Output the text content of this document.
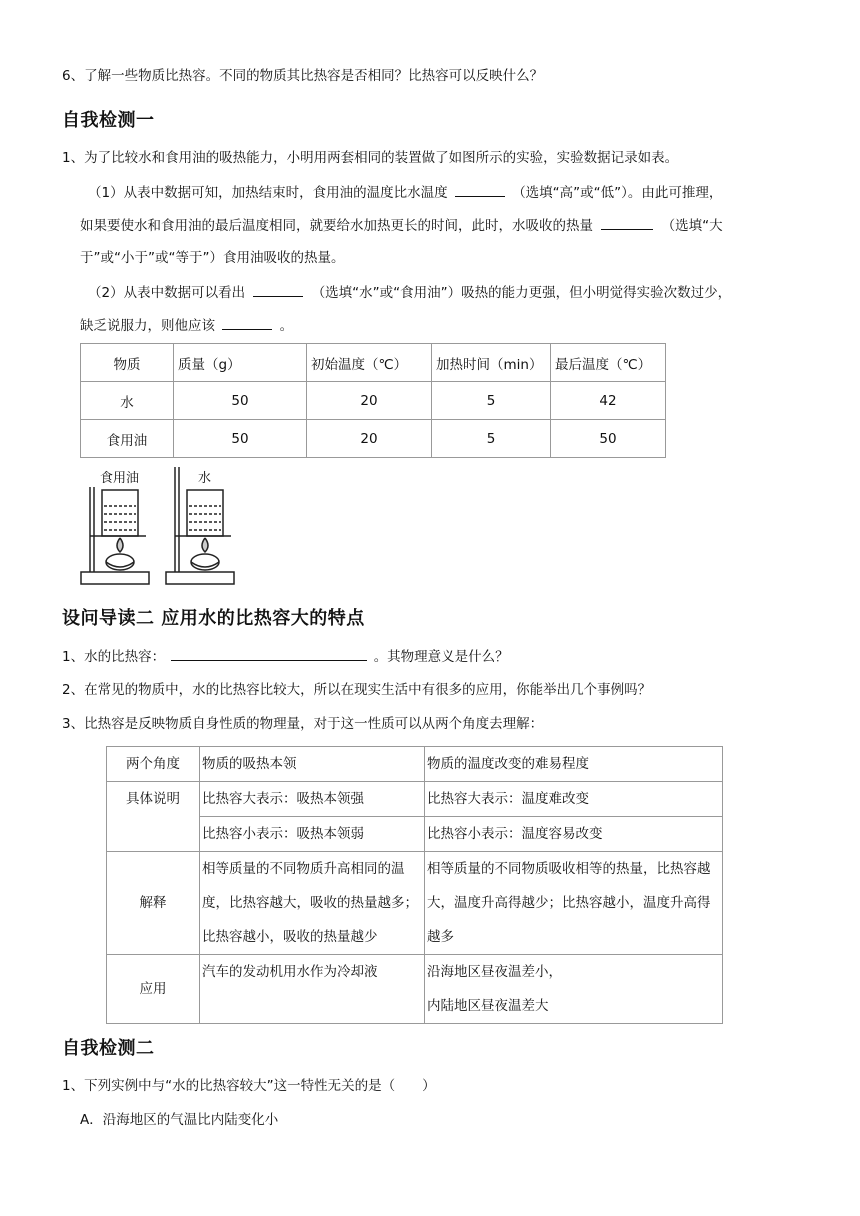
6、了解一些物质比热容。不同的物质其比热容是否相同？比热容可以反映什么？
自我检测一
1、为了比较水和食用油的吸热能力，小明用两套相同的装置做了如图所示的实验，实验数据记录如表。
（1）从表中数据可知，加热结束时，食用油的温度比水温度	（选填“高”或“低”）。由此可推理，
如果要使水和食用油的最后温度相同，就要给水加热更长的时间，此时，水吸收的热量	（选填“大
于”或“小于”或“等于”）食用油吸收的热量。
（2）从表中数据可以看出	（选填“水”或“食用油”）吸热的能力更强，但小明觉得实验次数过少，
缺乏说服力，则他应该	。
物质	质量（g）	初始温度（℃）	加热时间（min）	最后温度（℃）
水	50	20	5	42
食用油	50	20	5	50
食用油	水
设问导读二 应用水的比热容大的特点
1、水的比热容：	。其物理意义是什么？
2、在常见的物质中，水的比热容比较大，所以在现实生活中有很多的应用，你能举出几个事例吗？
3、比热容是反映物质自身性质的物理量，对于这一性质可以从两个角度去理解：
两个角度	物质的吸热本领	物质的温度改变的难易程度
具体说明	比热容大表示：吸热本领强	比热容大表示：温度难改变
	比热容小表示：吸热本领弱	比热容小表示：温度容易改变
解释	相等质量的不同物质升高相同的温度，比热容越大，吸收的热量越多；比热容越小，吸收的热量越少	相等质量的不同物质吸收相等的热量，比热容越大，温度升高得越少；比热容越小，温度升高得越多
应用	汽车的发动机用水作为冷却液	沿海地区昼夜温差小，
内陆地区昼夜温差大
自我检测二
1、下列实例中与“水的比热容较大”这一特性无关的是（　　）
A．沿海地区的气温比内陆变化小
